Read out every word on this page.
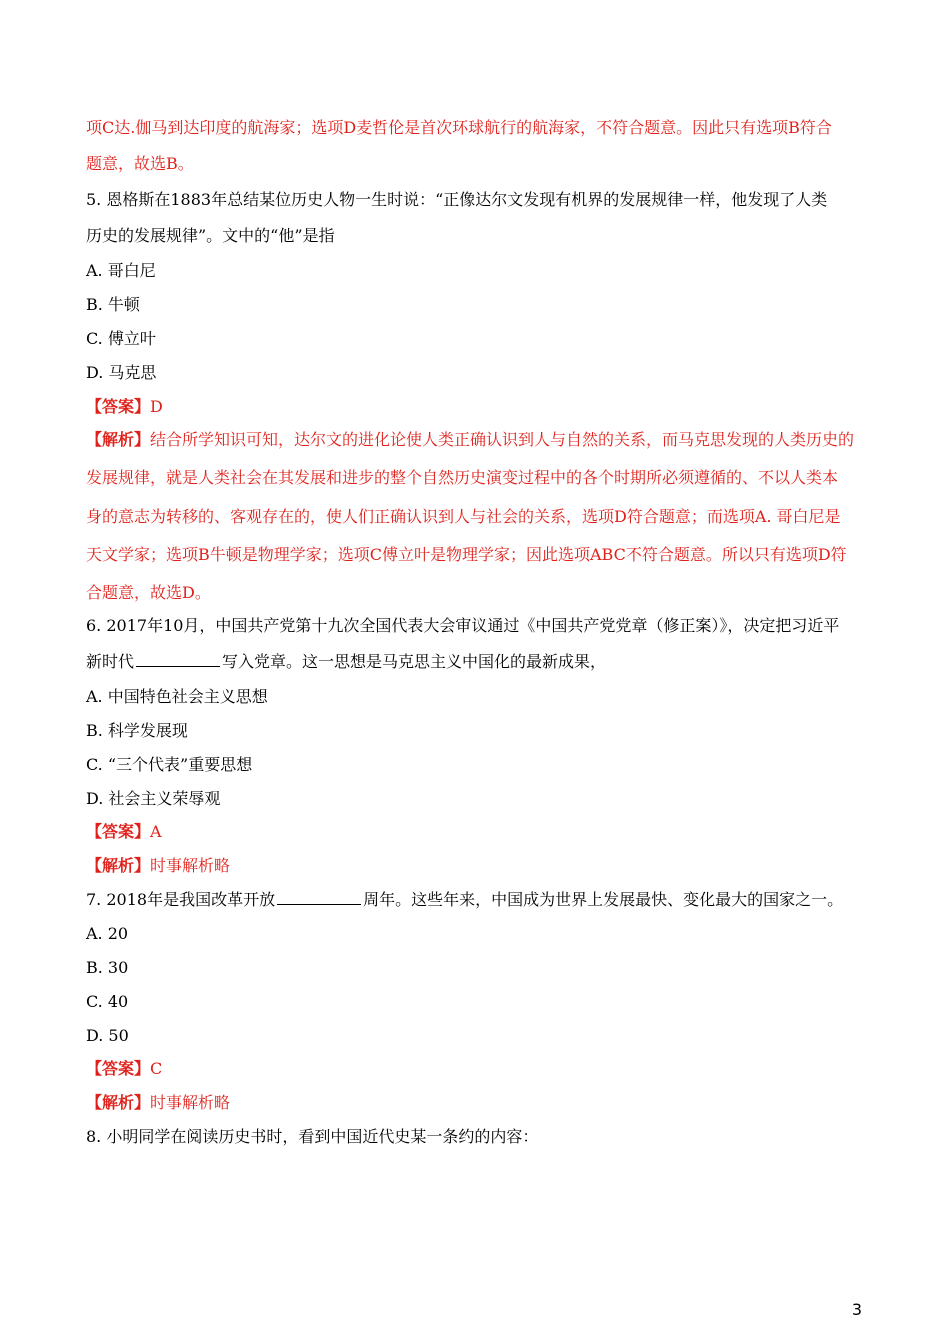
项C达.伽马到达印度的航海家；选项D麦哲伦是首次环球航行的航海家，不符合题意。因此只有选项B符合
题意，故选B。
5. 恩格斯在1883年总结某位历史人物一生时说：“正像达尔文发现有机界的发展规律一样，他发现了人类
历史的发展规律”。文中的“他”是指
A. 哥白尼
B. 牛顿
C. 傅立叶
D. 马克思
【答案】D
【解析】结合所学知识可知，达尔文的进化论使人类正确认识到人与自然的关系，而马克思发现的人类历史的
发展规律，就是人类社会在其发展和进步的整个自然历史演变过程中的各个时期所必须遵循的、不以人类本
身的意志为转移的、客观存在的，使人们正确认识到人与社会的关系，选项D符合题意；而选项A. 哥白尼是
天文学家；选项B牛顿是物理学家；选项C傅立叶是物理学家；因此选项ABC不符合题意。所以只有选项D符
合题意，故选D。
6. 2017年10月，中国共产党第十九次全国代表大会审议通过《中国共产党党章（修正案）》，决定把习近平
新时代	写入党章。这一思想是马克思主义中国化的最新成果，
A. 中国特色社会主义思想
B. 科学发展现
C. “三个代表”重要思想
D. 社会主义荣辱观
【答案】A
【解析】时事解析略
7. 2018年是我国改革开放	周年。这些年来，中国成为世界上发展最快、变化最大的国家之一。
A. 20
B. 30
C. 40
D. 50
【答案】C
【解析】时事解析略
8. 小明同学在阅读历史书时，看到中国近代史某一条约的内容：
3
